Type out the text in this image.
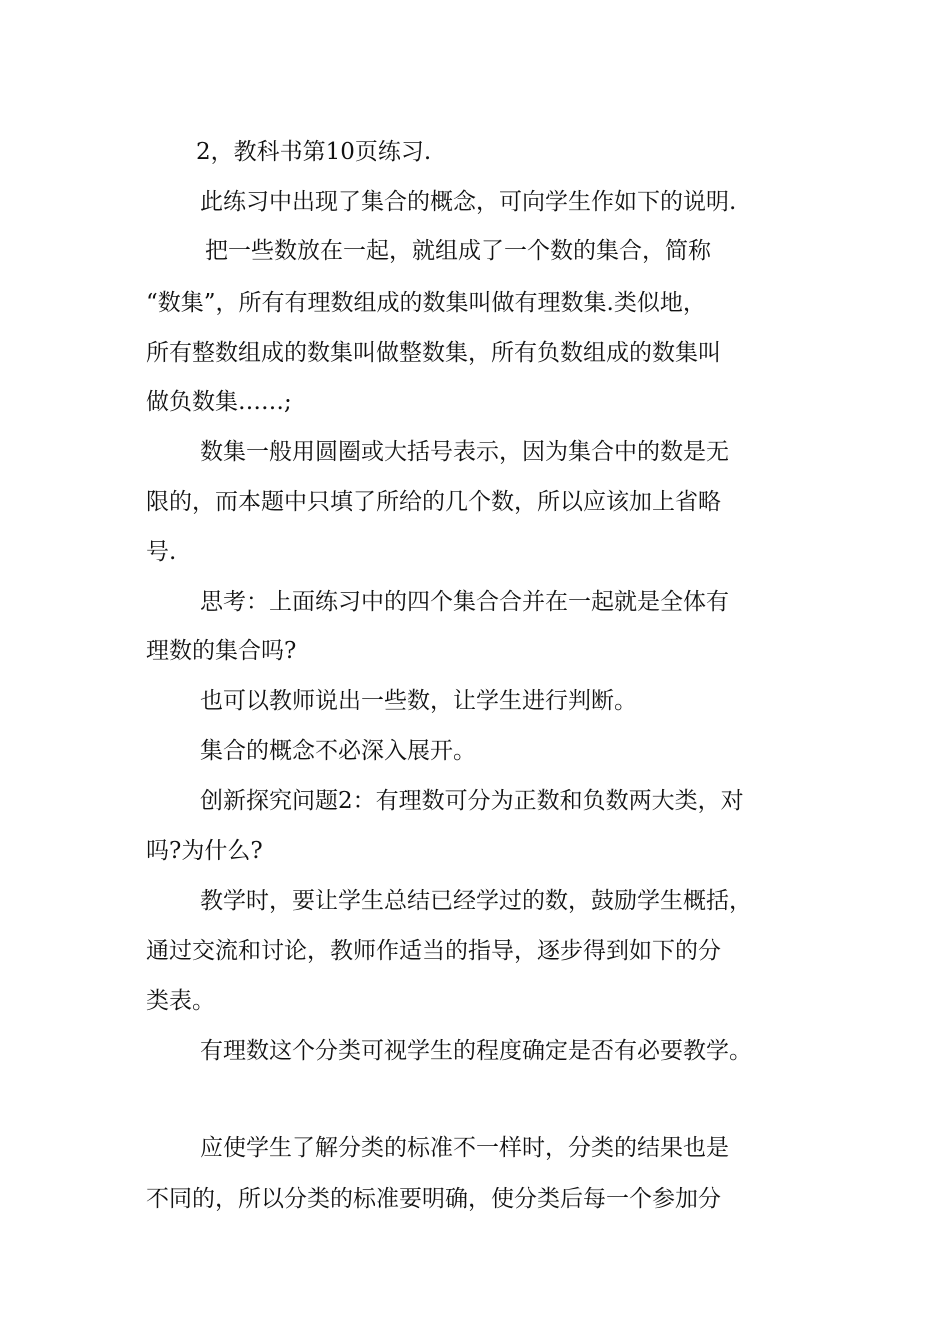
2，教科书第10页练习.
此练习中出现了集合的概念，可向学生作如下的说明.
把一些数放在一起，就组成了一个数的集合，简称
“数集”，所有有理数组成的数集叫做有理数集.类似地，
所有整数组成的数集叫做整数集，所有负数组成的数集叫
做负数集……;
数集一般用圆圈或大括号表示，因为集合中的数是无
限的，而本题中只填了所给的几个数，所以应该加上省略
号.
思考：上面练习中的四个集合合并在一起就是全体有
理数的集合吗?
也可以教师说出一些数，让学生进行判断。
集合的概念不必深入展开。
创新探究问题2：有理数可分为正数和负数两大类，对
吗?为什么?
教学时，要让学生总结已经学过的数，鼓励学生概括，
通过交流和讨论，教师作适当的指导，逐步得到如下的分
类表。
有理数这个分类可视学生的程度确定是否有必要教学。
应使学生了解分类的标准不一样时，分类的结果也是
不同的，所以分类的标准要明确，使分类后每一个参加分
